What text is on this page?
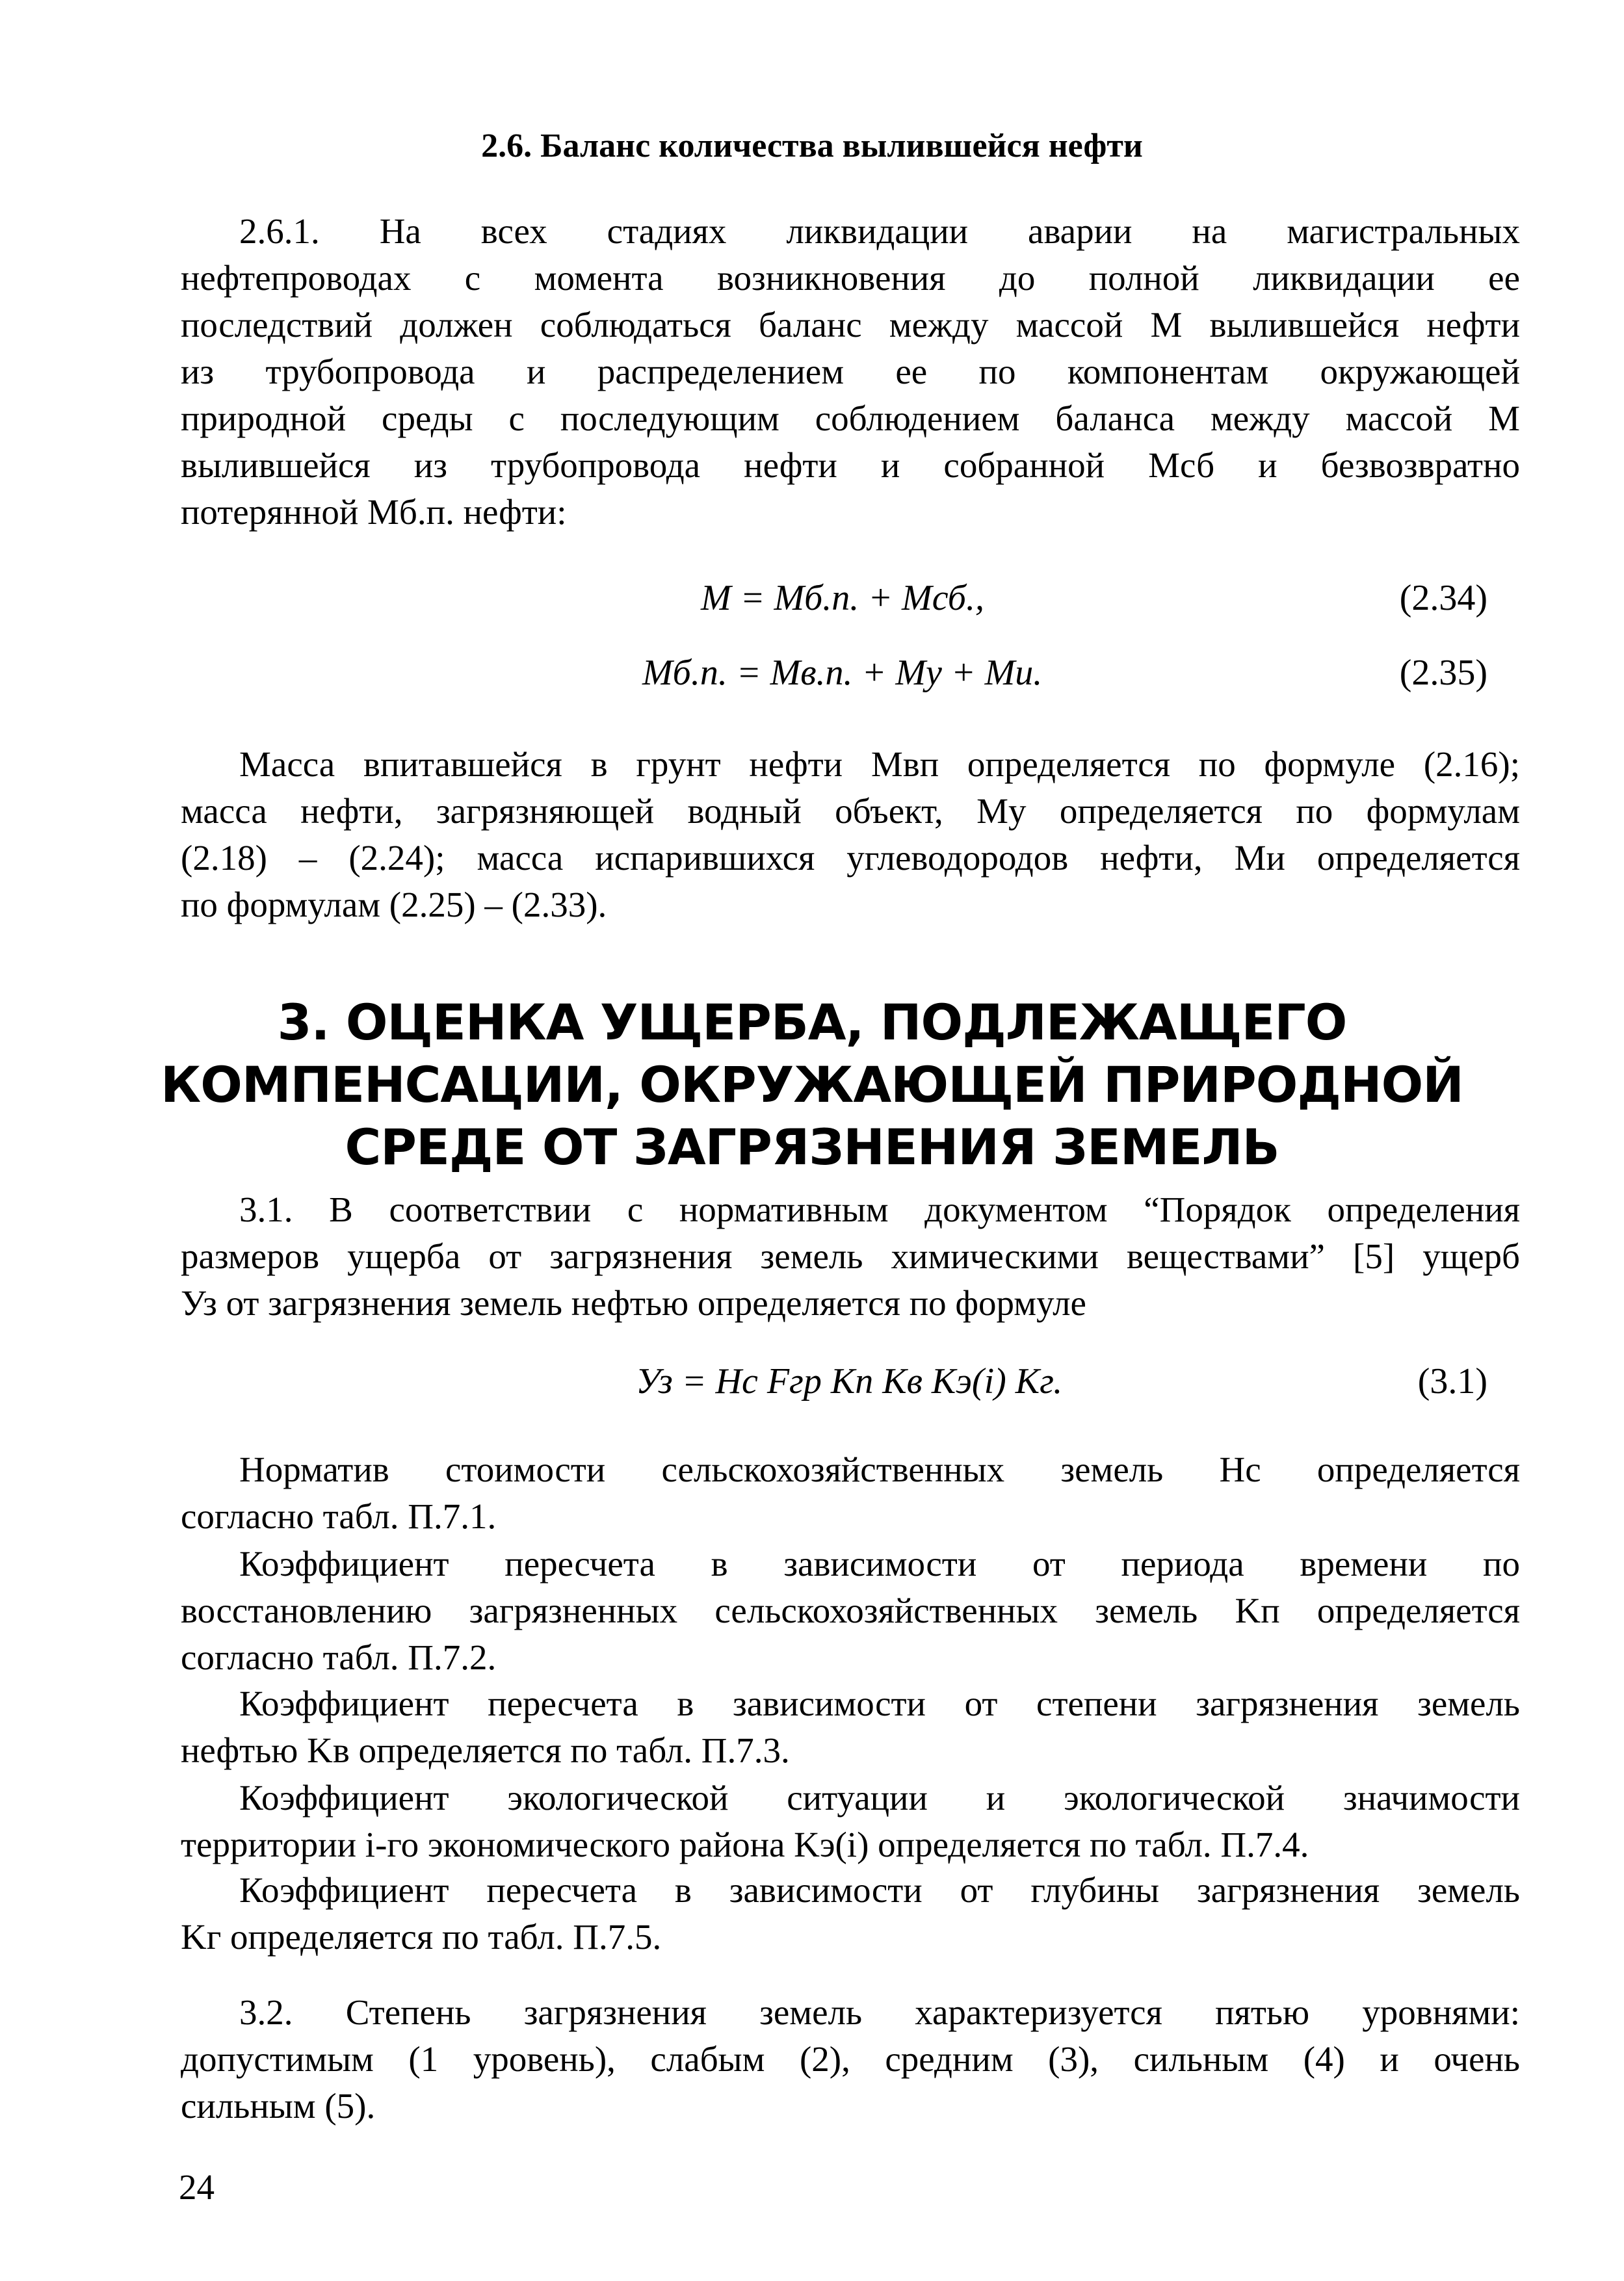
2.6. Баланс количества вылившейся нефти
2.6.1. На всех стадиях ликвидации аварии на магистральных
нефтепроводах с момента возникновения до полной ликвидации ее
последствий должен соблюдаться баланс между массой M вылившейся нефти
из трубопровода и распределением ее по компонентам окружающей
природной среды с последующим соблюдением баланса между массой M
вылившейся из трубопровода нефти и собранной Mсб и безвозвратно
потерянной Mб.п. нефти:
M = Mб.п. + Mсб.,	(2.34)
Mб.п. = Mв.п. + Mу + Mи.	(2.35)
Масса впитавшейся в грунт нефти Mвп определяется по формуле (2.16);
масса нефти, загрязняющей водный объект, Mу определяется по формулам
(2.18) – (2.24); масса испарившихся углеводородов нефти, Mи определяется
по формулам (2.25) – (2.33).
3. ОЦЕНКА УЩЕРБА, ПОДЛЕЖАЩЕГО
КОМПЕНСАЦИИ, ОКРУЖАЮЩЕЙ ПРИРОДНОЙ
СРЕДЕ ОТ ЗАГРЯЗНЕНИЯ ЗЕМЕЛЬ
3.1. В соответствии с нормативным документом “Порядок определения
размеров ущерба от загрязнения земель химическими веществами” [5] ущерб
Уз от загрязнения земель нефтью определяется по формуле
Уз = Hс Fгр Kп Kв Kэ(i) Kг.	(3.1)
Норматив стоимости сельскохозяйственных земель Hс определяется
согласно табл. П.7.1.
Коэффициент пересчета в зависимости от периода времени по
восстановлению загрязненных сельскохозяйственных земель Kп определяется
согласно табл. П.7.2.
Коэффициент пересчета в зависимости от степени загрязнения земель
нефтью Kв определяется по табл. П.7.3.
Коэффициент экологической ситуации и экологической значимости
территории i-го экономического района Kэ(i) определяется по табл. П.7.4.
Коэффициент пересчета в зависимости от глубины загрязнения земель
Kг определяется по табл. П.7.5.
3.2. Степень загрязнения земель характеризуется пятью уровнями:
допустимым (1 уровень), слабым (2), средним (3), сильным (4) и очень
сильным (5).
24
